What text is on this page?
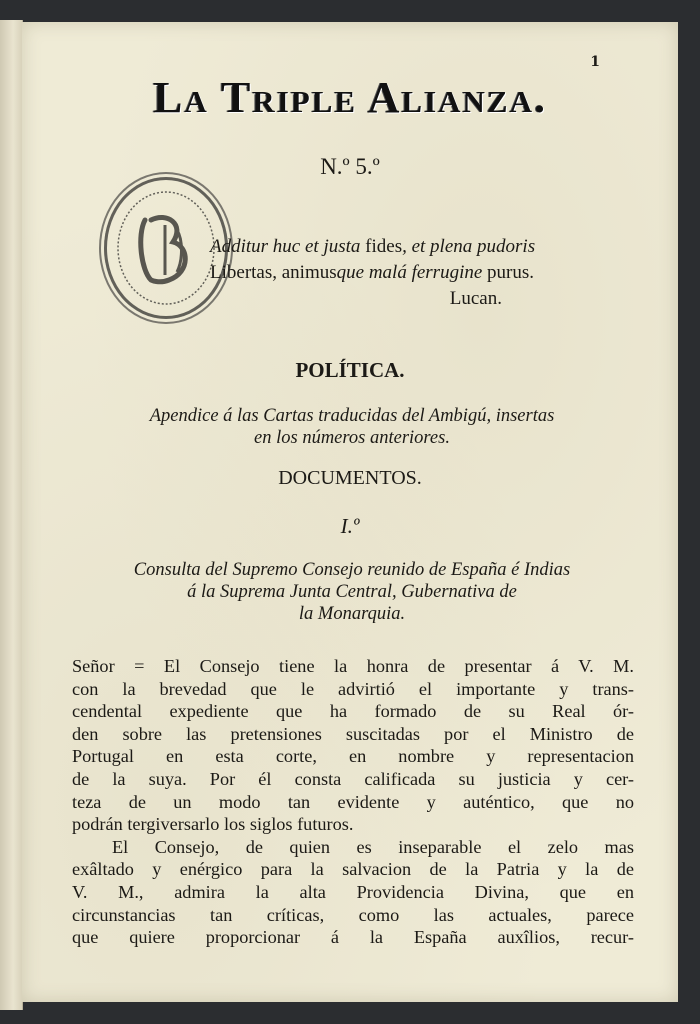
1
La Triple Alianza.
N.º 5.º
Additur huc et justa fides, et plena pudoris
Libertas, animusque malá ferrugine purus.
Lucan.
POLÍTICA.
Apendice á las Cartas traducidas del Ambigú, insertas
en los números anteriores.
DOCUMENTOS.
I.º
Consulta del Supremo Consejo reunido de España é Indias
á la Suprema Junta Central, Gubernativa de
la Monarquia.
Señor = El Consejo tiene la honra de presentar á V. M.
con la brevedad que le advirtió el importante y trans-
cendental expediente que ha formado de su Real ór-
den sobre las pretensiones suscitadas por el Ministro de
Portugal en esta corte, en nombre y representacion
de la suya. Por él consta calificada su justicia y cer-
teza de un modo tan evidente y auténtico, que no
podrán tergiversarlo los siglos futuros.
El Consejo, de quien es inseparable el zelo mas
exâltado y enérgico para la salvacion de la Patria y la de
V. M., admira la alta Providencia Divina, que en
circunstancias tan críticas, como las actuales, parece
que quiere proporcionar á la España auxîlios, recur-
